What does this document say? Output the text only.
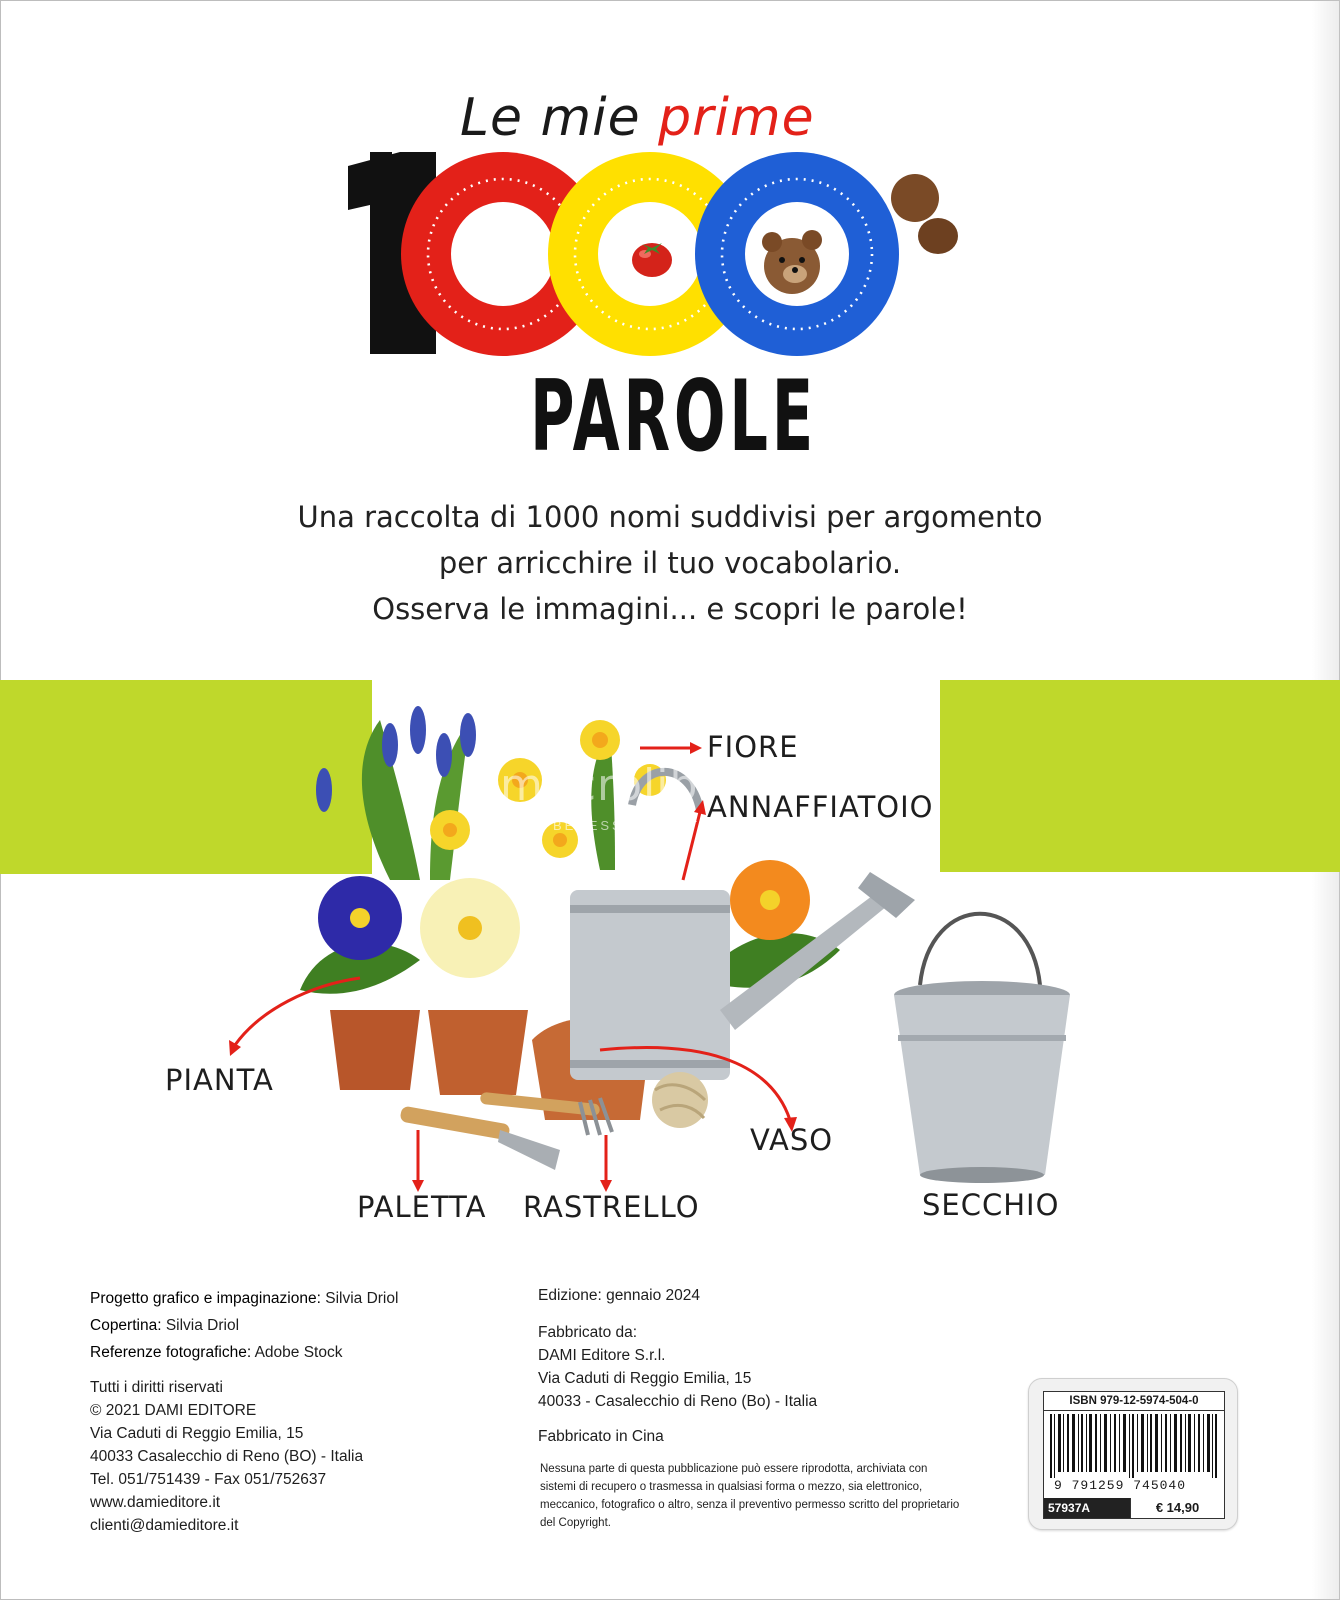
Le mie prime
PAROLE
Una raccolta di 1000 nomi suddivisi per argomento
per arricchire il tuo vocabolario.
Osserva le immagini... e scopri le parole!
macrolibrarsi
IL BENESSERE NATURALE
FIORE
ANNAFFIATOIO
PIANTA
VASO
PALETTA RASTRELLO	SECCHIO
Progetto grafico e impaginazione: Silvia Driol
Copertina: Silvia Driol
Referenze fotografiche: Adobe Stock
Tutti i diritti riservati
© 2021 DAMI EDITORE
Via Caduti di Reggio Emilia, 15
40033 Casalecchio di Reno (BO) - Italia
Tel. 051/751439 - Fax 051/752637
www.damieditore.it
clienti@damieditore.it
Edizione: gennaio 2024
Fabbricato da:
DAMI Editore S.r.l.
Via Caduti di Reggio Emilia, 15
40033 - Casalecchio di Reno (Bo) - Italia
Fabbricato in Cina
Nessuna parte di questa pubblicazione può essere riprodotta, archiviata con sistemi di recupero o trasmessa in qualsiasi forma o mezzo, sia elettronico, meccanico, fotografico o altro, senza il preventivo permesso scritto del proprietario del Copyright.
ISBN 979-12-5974-504-0
9 791259 745040
57937A	€ 14,90
